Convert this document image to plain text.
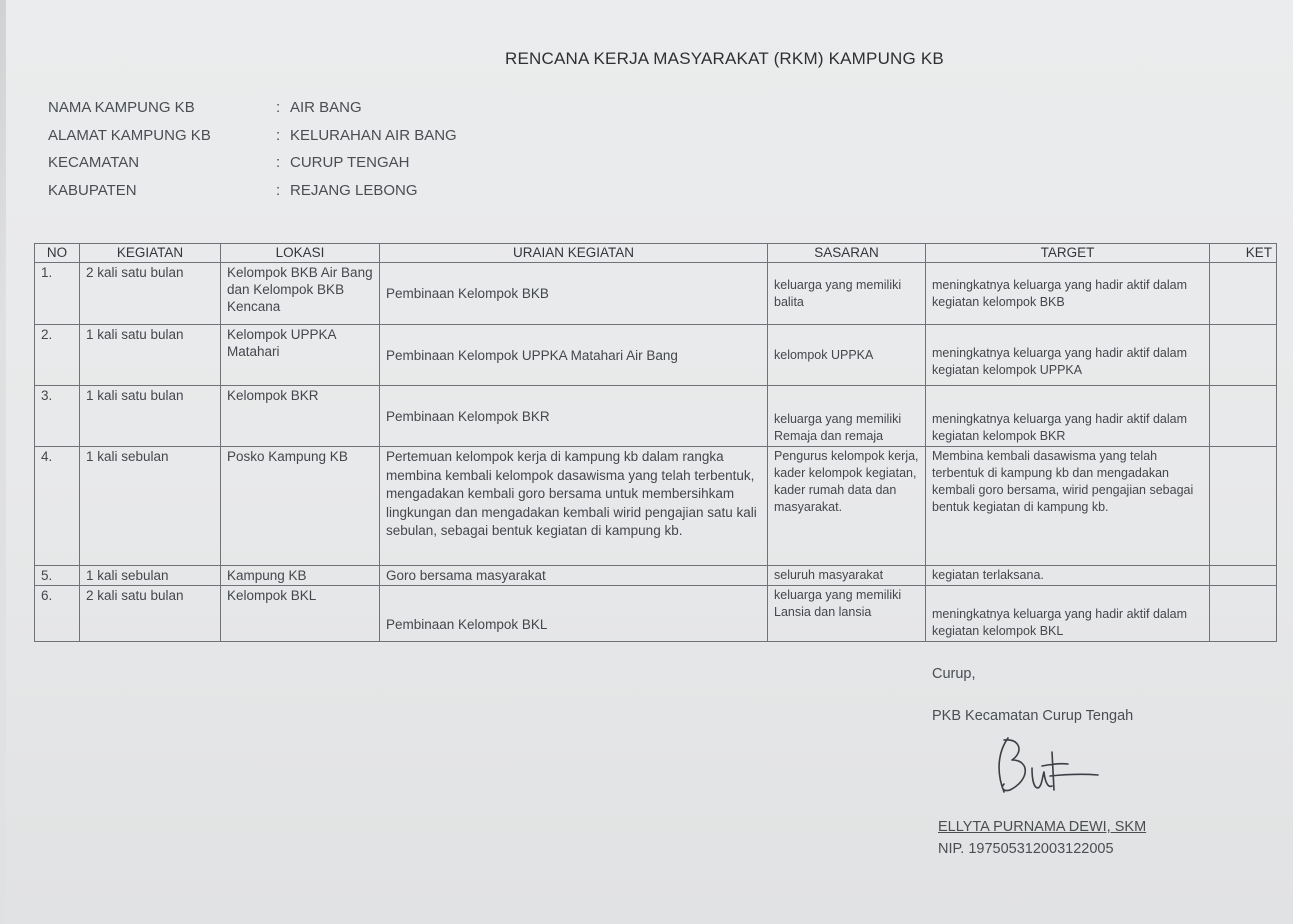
RENCANA KERJA MASYARAKAT (RKM) KAMPUNG KB
NAMA KAMPUNG KB	: AIR BANG
ALAMAT KAMPUNG KB	: KELURAHAN AIR BANG
KECAMATAN	: CURUP TENGAH
KABUPATEN	: REJANG LEBONG
NO	KEGIATAN	LOKASI	URAIAN KEGIATAN	SASARAN	TARGET	KET
1.	2 kali satu bulan	Kelompok BKB Air Bang dan Kelompok BKB Kencana	Pembinaan Kelompok BKB	keluarga yang memiliki balita	meningkatnya keluarga yang hadir aktif dalam kegiatan kelompok BKB	
2.	1 kali satu bulan	Kelompok UPPKA Matahari	Pembinaan Kelompok UPPKA Matahari Air Bang	kelompok UPPKA	meningkatnya keluarga yang hadir aktif dalam kegiatan kelompok UPPKA	
3.	1 kali satu bulan	Kelompok BKR	Pembinaan Kelompok BKR	keluarga yang memiliki Remaja dan remaja	meningkatnya keluarga yang hadir aktif dalam kegiatan kelompok BKR	
4.	1 kali sebulan	Posko Kampung KB	Pertemuan kelompok kerja di kampung kb dalam rangka membina kembali kelompok dasawisma yang telah terbentuk, mengadakan kembali goro bersama untuk membersihkam lingkungan dan mengadakan kembali wirid pengajian satu kali sebulan, sebagai bentuk kegiatan di kampung kb.	Pengurus kelompok kerja, kader kelompok kegiatan, kader rumah data dan masyarakat.	Membina kembali dasawisma yang telah terbentuk di kampung kb dan mengadakan kembali goro bersama, wirid pengajian sebagai bentuk kegiatan di kampung kb.	
5.	1 kali sebulan	Kampung KB	Goro bersama masyarakat	seluruh masyarakat	kegiatan terlaksana.	
6.	2 kali satu bulan	Kelompok BKL	Pembinaan Kelompok BKL	keluarga yang memiliki Lansia dan lansia	meningkatnya keluarga yang hadir aktif dalam kegiatan kelompok BKL	
Curup,
PKB Kecamatan Curup Tengah
ELLYTA PURNAMA DEWI, SKM
NIP. 197505312003122005
